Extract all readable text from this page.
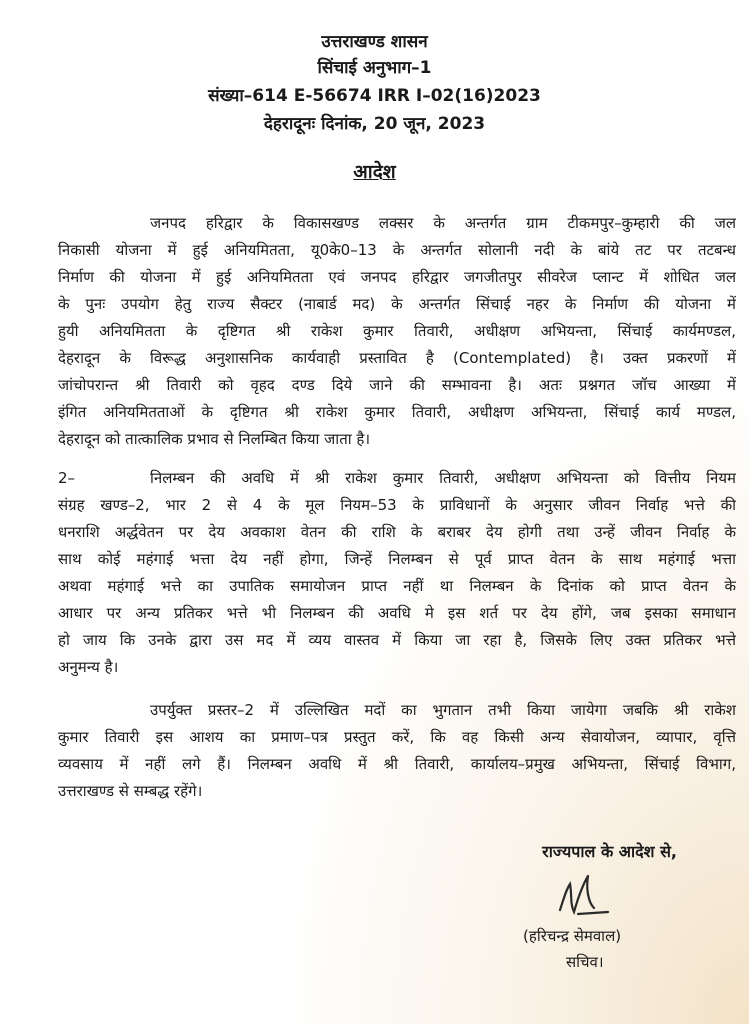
उत्तराखण्ड शासन
सिंचाई अनुभाग–1
संख्या–614 E-56674 IRR I–02(16)2023
देहरादूनः दिनांक, 20 जून, 2023
आदेश
जनपद हरिद्वार के विकासखण्ड लक्सर के अन्तर्गत ग्राम टीकमपुर–कुम्हारी की जल
निकासी योजना में हुई अनियमितता, यू0के0–13 के अन्तर्गत सोलानी नदी के बांये तट पर तटबन्ध
निर्माण की योजना में हुई अनियमितता एवं जनपद हरिद्वार जगजीतपुर सीवरेज प्लान्ट में शोधित जल
के पुनः उपयोग हेतु राज्य सैक्टर (नाबार्ड मद) के अन्तर्गत सिंचाई नहर के निर्माण की योजना में
हुयी अनियमितता के दृष्टिगत श्री राकेश कुमार तिवारी, अधीक्षण अभियन्ता, सिंचाई कार्यमण्डल,
देहरादून के विरूद्ध अनुशासनिक कार्यवाही प्रस्तावित है (Contemplated) है। उक्त प्रकरणों में
जांचोपरान्त श्री तिवारी को वृहद दण्ड दिये जाने की सम्भावना है। अतः प्रश्नगत जॉच आख्या में
इंगित अनियमितताओं के दृष्टिगत श्री राकेश कुमार तिवारी, अधीक्षण अभियन्ता, सिंचाई कार्य मण्डल,
देहरादून को तात्कालिक प्रभाव से निलम्बित किया जाता है।
2–	निलम्बन की अवधि में श्री राकेश कुमार तिवारी, अधीक्षण अभियन्ता को वित्तीय नियम
संग्रह खण्ड–2, भार 2 से 4 के मूल नियम–53 के प्राविधानों के अनुसार जीवन निर्वाह भत्ते की
धनराशि अर्द्धवेतन पर देय अवकाश वेतन की राशि के बराबर देय होगी तथा उन्हें जीवन निर्वाह के
साथ कोई महंगाई भत्ता देय नहीं होगा, जिन्हें निलम्बन से पूर्व प्राप्त वेतन के साथ महंगाई भत्ता
अथवा महंगाई भत्ते का उपातिक समायोजन प्राप्त नहीं था निलम्बन के दिनांक को प्राप्त वेतन के
आधार पर अन्य प्रतिकर भत्ते भी निलम्बन की अवधि मे इस शर्त पर देय होंगे, जब इसका समाधान
हो जाय कि उनके द्वारा उस मद में व्यय वास्तव में किया जा रहा है, जिसके लिए उक्त प्रतिकर भत्ते
अनुमन्य है।
उपर्युक्त प्रस्तर–2 में उल्लिखित मदों का भुगतान तभी किया जायेगा जबकि श्री राकेश
कुमार तिवारी इस आशय का प्रमाण–पत्र प्रस्तुत करें, कि वह किसी अन्य सेवायोजन, व्यापार, वृत्ति
व्यवसाय में नहीं लगे हैं। निलम्बन अवधि में श्री तिवारी, कार्यालय–प्रमुख अभियन्ता, सिंचाई विभाग,
उत्तराखण्ड से सम्बद्ध रहेंगे।
राज्यपाल के आदेश से,
(हरिचन्द्र सेमवाल)
सचिव।
